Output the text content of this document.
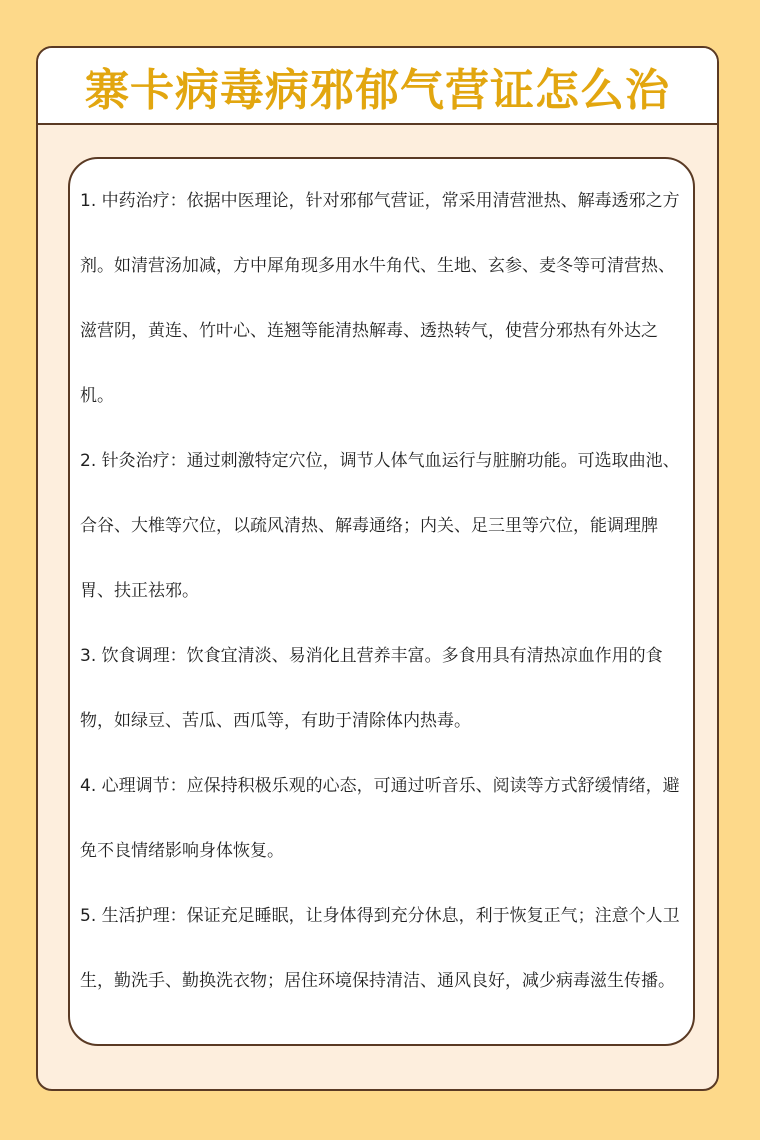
寨卡病毒病邪郁气营证怎么治

1. 中药治疗：依据中医理论，针对邪郁气营证，常采用清营泄热、解毒透邪之方剂。如清营汤加减，方中犀角现多用水牛角代、生地、玄参、麦冬等可清营热、滋营阴，黄连、竹叶心、连翘等能清热解毒、透热转气，使营分邪热有外达之机。

2. 针灸治疗：通过刺激特定穴位，调节人体气血运行与脏腑功能。可选取曲池、合谷、大椎等穴位，以疏风清热、解毒通络；内关、足三里等穴位，能调理脾胃、扶正祛邪。

3. 饮食调理：饮食宜清淡、易消化且营养丰富。多食用具有清热凉血作用的食物，如绿豆、苦瓜、西瓜等，有助于清除体内热毒。

4. 心理调节：应保持积极乐观的心态，可通过听音乐、阅读等方式舒缓情绪，避免不良情绪影响身体恢复。

5. 生活护理：保证充足睡眠，让身体得到充分休息，利于恢复正气；注意个人卫生，勤洗手、勤换洗衣物；居住环境保持清洁、通风良好，减少病毒滋生传播。
